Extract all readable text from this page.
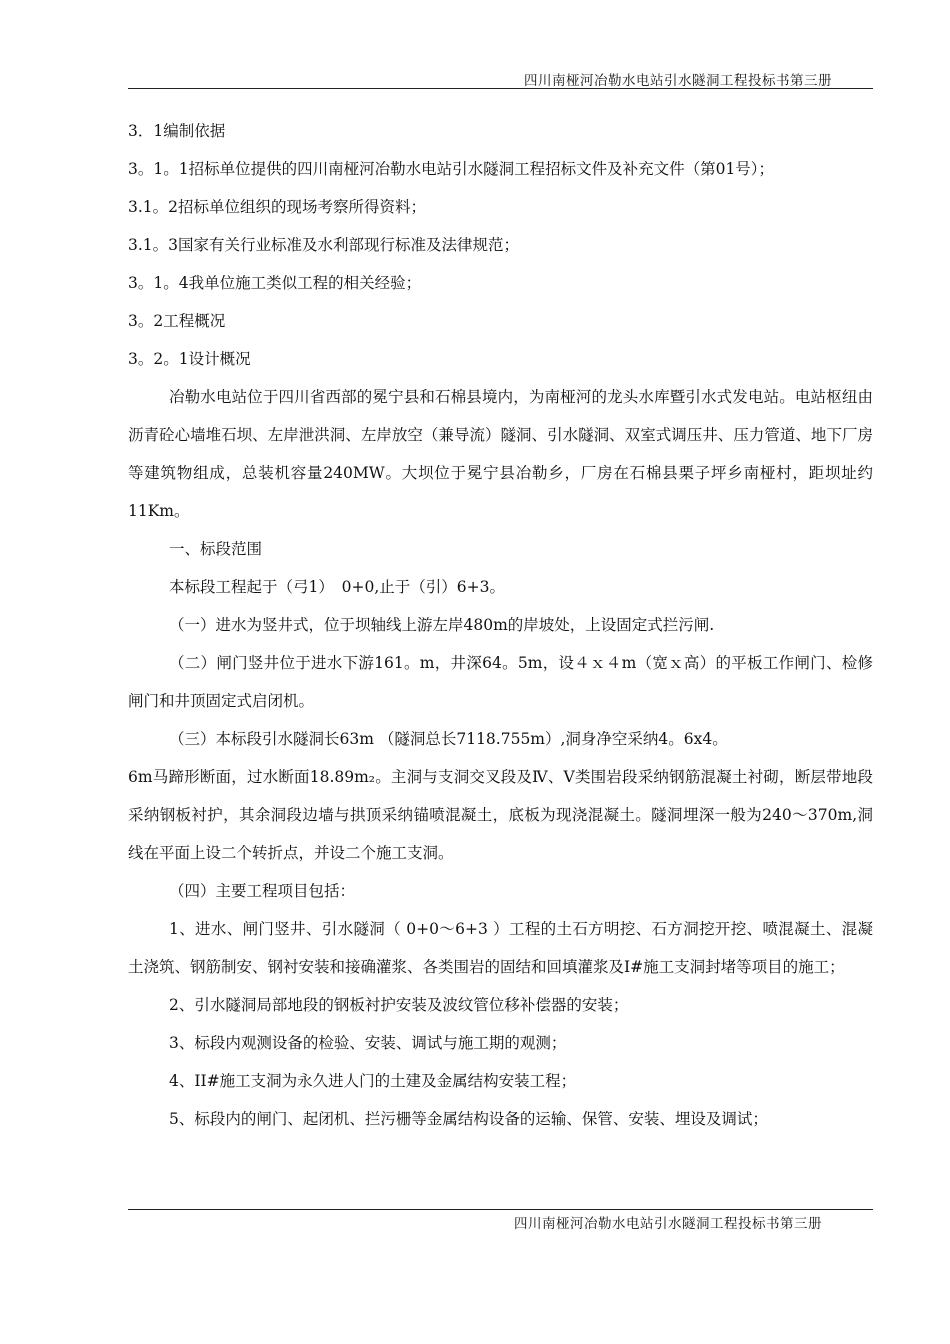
四川南桠河冶勒水电站引水隧洞工程投标书第三册

3．1编制依据

3。1。1招标单位提供的四川南桠河冶勒水电站引水隧洞工程招标文件及补充文件（第01号）；

3.1。2招标单位组织的现场考察所得资料；

3.1。3国家有关行业标准及水利部现行标准及法律规范；

3。1。4我单位施工类似工程的相关经验；

3。2工程概况

3。2。1设计概况

冶勒水电站位于四川省西部的冕宁县和石棉县境内，为南桠河的龙头水库暨引水式发电站。电站枢纽由沥青砼心墙堆石坝、左岸泄洪洞、左岸放空（兼导流）隧洞、引水隧洞、双室式调压井、压力管道、地下厂房等建筑物组成，总装机容量240MW。大坝位于冕宁县冶勒乡，厂房在石棉县栗子坪乡南桠村，距坝址约11Km。

一、标段范围

本标段工程起于（弓1）　0+0,止于（引）6+3。

（一）进水为竖井式，位于坝轴线上游左岸480m的岸坡处，上设固定式拦污闸.

（二）闸门竖井位于进水下游161。m，井深64。5m，设４ｘ４m（宽ｘ高）的平板工作闸门、检修闸门和井顶固定式启闭机。

（三）本标段引水隧洞长63m （隧洞总长7118.755m）,洞身净空采纳4。6x4。

6m马蹄形断面，过水断面18.89m₂。主洞与支洞交叉段及Ⅳ、Ⅴ类围岩段采纳钢筋混凝土衬砌，断层带地段采纳钢板衬护，其余洞段边墙与拱顶采纳锚喷混凝土，底板为现浇混凝土。隧洞埋深一般为240〜370m,洞线在平面上设二个转折点，并设二个施工支洞。

（四）主要工程项目包括：

1、进水、闸门竖井、引水隧洞（ 0+0〜6+3 ）工程的土石方明挖、石方洞挖开挖、喷混凝土、混凝土浇筑、钢筋制安、钢衬安装和接确灌浆、各类围岩的固结和回填灌浆及I#施工支洞封堵等项目的施工；

2、引水隧洞局部地段的钢板衬护安装及波纹管位移补偿器的安装；

3、标段内观测设备的检验、安装、调试与施工期的观测；

4、II#施工支洞为永久进人门的土建及金属结构安装工程；

5、标段内的闸门、起闭机、拦污栅等金属结构设备的运输、保管、安装、埋设及调试；

四川南桠河冶勒水电站引水隧洞工程投标书第三册
